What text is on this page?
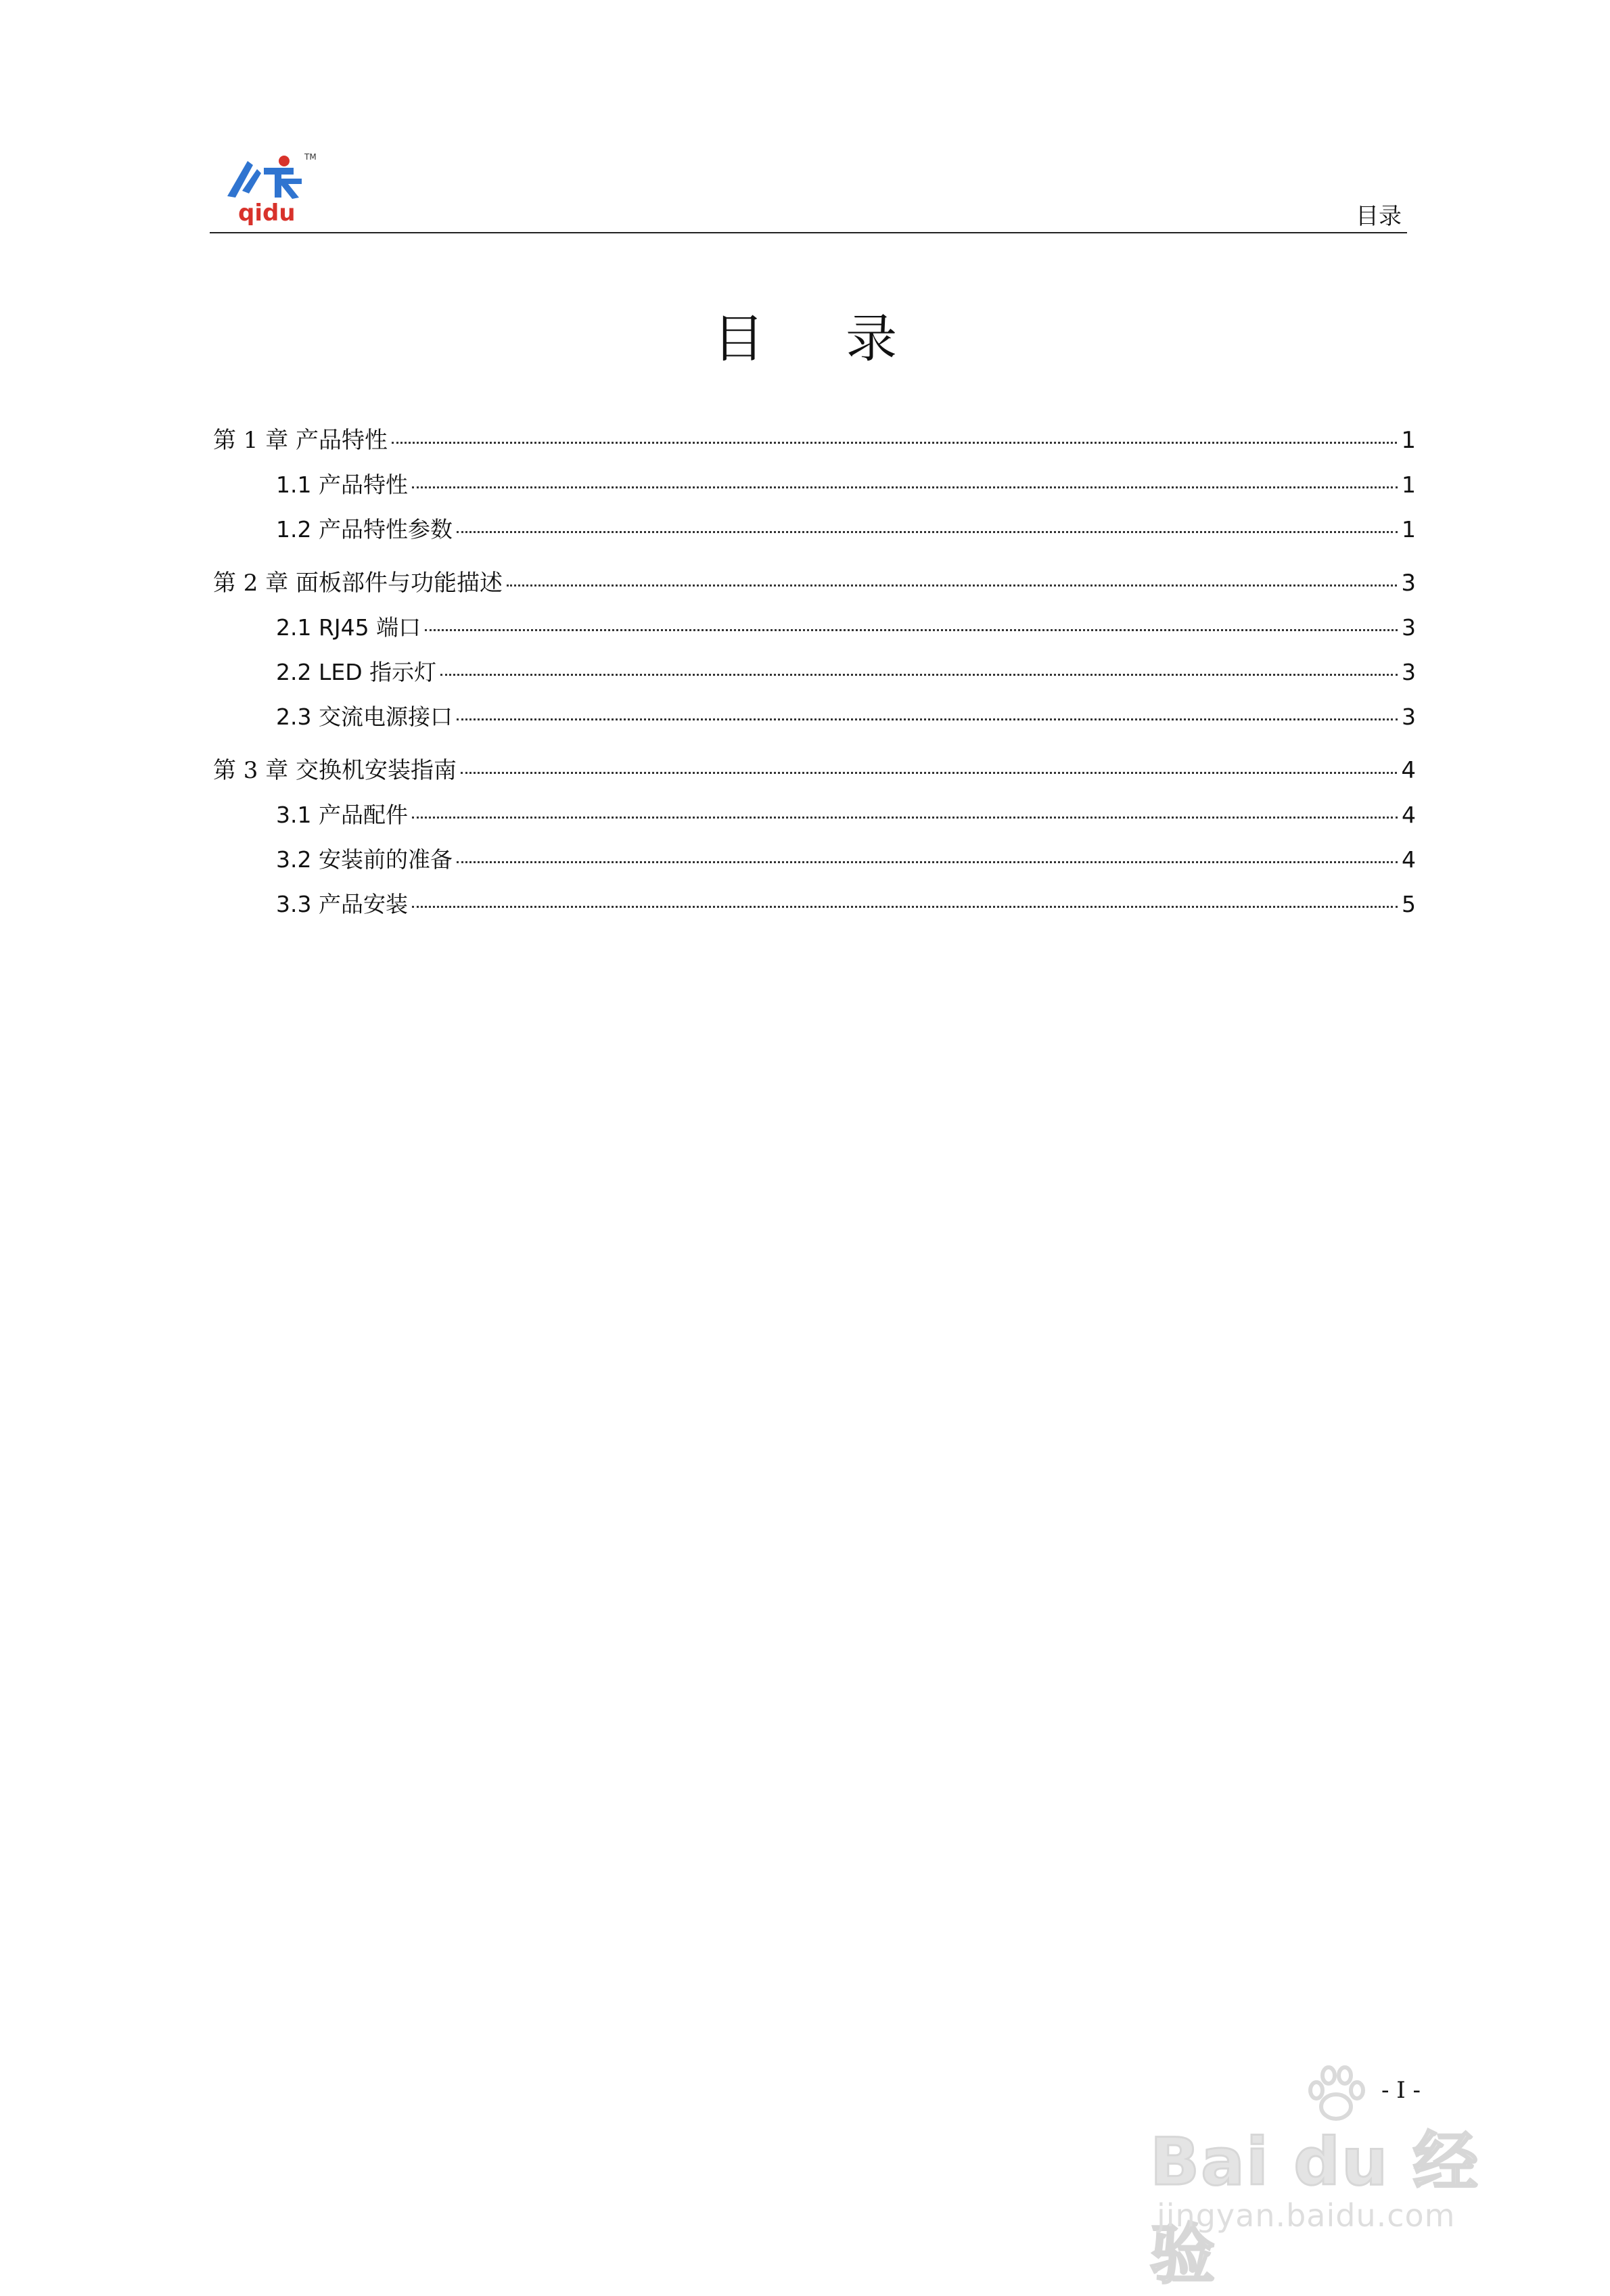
qidu
TM
目录
目 录
第 1 章 产品特性	1
1.1 产品特性	1
1.2 产品特性参数	1
第 2 章 面板部件与功能描述	3
2.1 RJ45 端口	3
2.2 LED 指示灯	3
2.3 交流电源接口	3
第 3 章 交换机安装指南	4
3.1 产品配件	4
3.2 安装前的准备	4
3.3 产品安装	5
- I -
Bai du 经验
jingyan.baidu.com
